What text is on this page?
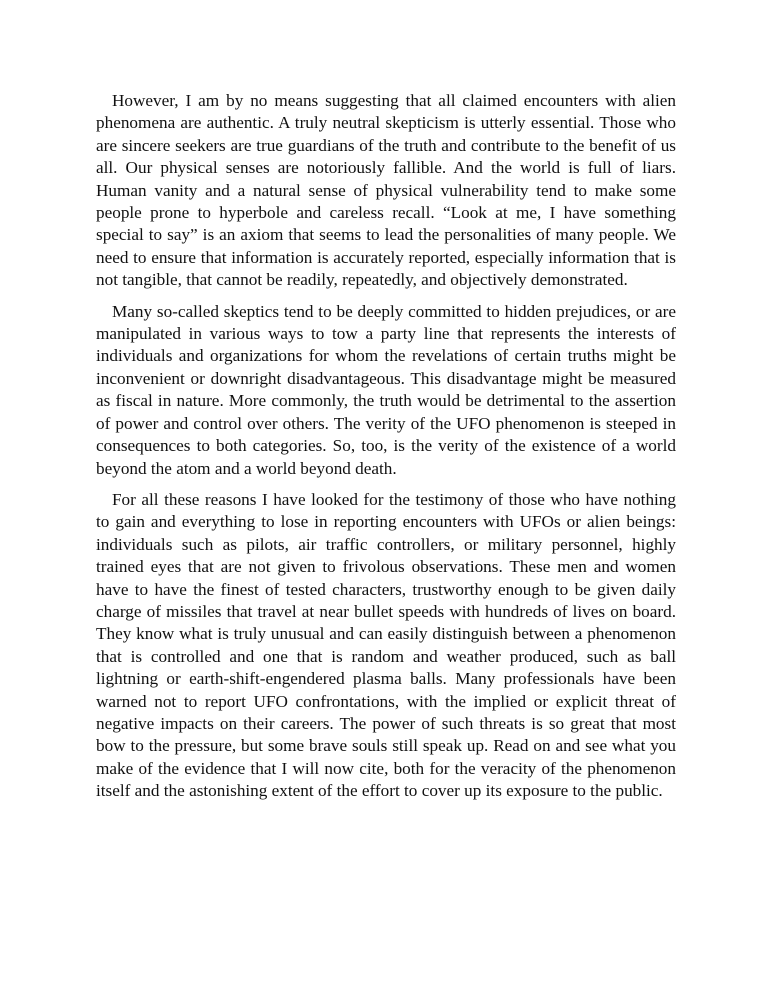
However, I am by no means suggesting that all claimed encounters with alien phenomena are authentic. A truly neutral skepticism is utterly essential. Those who are sincere seekers are true guardians of the truth and contribute to the benefit of us all. Our physical senses are notoriously fallible. And the world is full of liars. Human vanity and a natural sense of physical vulnerability tend to make some people prone to hyperbole and careless recall. “Look at me, I have something special to say” is an axiom that seems to lead the personalities of many people. We need to ensure that information is accurately reported, especially information that is not tangible, that cannot be readily, repeatedly, and objectively demonstrated.

Many so-called skeptics tend to be deeply committed to hidden prejudices, or are manipulated in various ways to tow a party line that represents the interests of individuals and organizations for whom the revelations of certain truths might be inconvenient or downright disadvantageous. This disadvantage might be measured as fiscal in nature. More commonly, the truth would be detrimental to the assertion of power and control over others. The verity of the UFO phenomenon is steeped in consequences to both categories. So, too, is the verity of the existence of a world beyond the atom and a world beyond death.

For all these reasons I have looked for the testimony of those who have nothing to gain and everything to lose in reporting encounters with UFOs or alien beings: individuals such as pilots, air traffic controllers, or military personnel, highly trained eyes that are not given to frivolous observations. These men and women have to have the finest of tested characters, trustworthy enough to be given daily charge of missiles that travel at near bullet speeds with hundreds of lives on board. They know what is truly unusual and can easily distinguish between a phenomenon that is controlled and one that is random and weather produced, such as ball lightning or earth-shift-engendered plasma balls. Many professionals have been warned not to report UFO confrontations, with the implied or explicit threat of negative impacts on their careers. The power of such threats is so great that most bow to the pressure, but some brave souls still speak up. Read on and see what you make of the evidence that I will now cite, both for the veracity of the phenomenon itself and the astonishing extent of the effort to cover up its exposure to the public.
